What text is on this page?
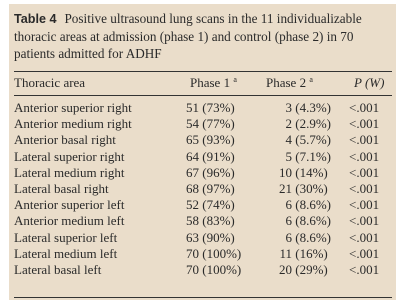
Table 4 Positive ultrasound lung scans in the 11 individualizable thoracic areas at admission (phase 1) and control (phase 2) in 70 patients admitted for ADHF
Thoracic area	Phase 1 $^a$ Phase 2 $^a$	P (W)
Anterior superior right	51 (73%)	3 (4.3%) <.001
Anterior medium right	54 (77%)	2 (2.9%) <.001
Anterior basal right	65 (93%)	4 (5.7%) <.001
Lateral superior right	64 (91%)	5 (7.1%) <.001
Lateral medium right	67 (96%)	10 (14%) <.001
Lateral basal right	68 (97%)	21 (30%) <.001
Anterior superior left	52 (74%)	6 (8.6%) <.001
Anterior medium left	58 (83%)	6 (8.6%) <.001
Lateral superior left	63 (90%)	6 (8.6%) <.001
Lateral medium left	70 (100%)	11 (16%) <.001
Lateral basal left	70 (100%)	20 (29%) <.001
